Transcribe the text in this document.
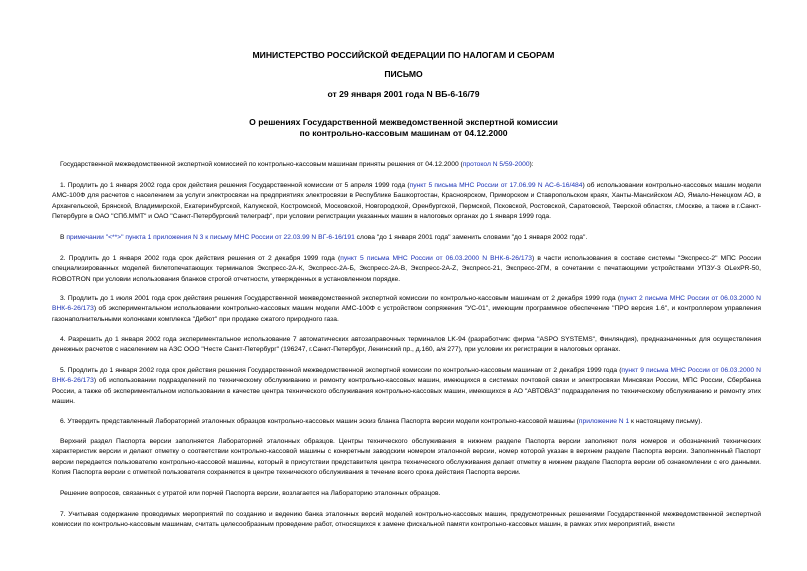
МИНИСТЕРСТВО РОССИЙСКОЙ ФЕДЕРАЦИИ ПО НАЛОГАМ И СБОРАМ
ПИСЬМО
от 29 января 2001 года N ВБ-6-16/79
О решениях Государственной межведомственной экспертной комиссии
по контрольно-кассовым машинам от 04.12.2000
Государственной межведомственной экспертной комиссией по контрольно-кассовым машинам приняты решения от 04.12.2000 (протокол N 5/59-2000):
1. Продлить до 1 января 2002 года срок действия решения Государственной комиссии от 5 апреля 1999 года (пункт 5 письма МНС России от 17.06.99 N АС-6-16/484) об использовании контрольно-кассовых машин модели АМС-100Ф для расчетов с населением за услуги электросвязи на предприятиях электросвязи в Республике Башкортостан, Красноярском, Приморском и Ставропольском краях, Ханты-Мансийском АО, Ямало-Ненецком АО, в Архангельской, Брянской, Владимирской, Екатеринбургской, Калужской, Костромской, Московской, Новгородской, Оренбургской, Пермской, Псковской, Ростовской, Саратовской, Тверской областях, г.Москве, а также в г.Санкт-Петербурге в ОАО "СПб.ММТ" и ОАО "Санкт-Петербургский телеграф", при условии регистрации указанных машин в налоговых органах до 1 января 1999 года.
В примечании "<**>" пункта 1 приложения N 3 к письму МНС России от 22.03.99 N ВГ-6-16/191 слова "до 1 января 2001 года" заменить словами "до 1 января 2002 года".
2. Продлить до 1 января 2002 года срок действия решения от 2 декабря 1999 года (пункт 5 письма МНС России от 06.03.2000 N ВНК-6-26/173) в части использования в составе системы "Экспресс-2" МПС России специализированных моделей билетопечатающих терминалов Экспресс-2А-К, Экспресс-2А-Б, Экспресс-2А-В, Экспресс-2А-Z, Экспресс-21, Экспресс-2ГМ, в сочетании с печатающими устройствами УПЗУ-3 OLexPR-50, ROBOTRON при условии использования бланков строгой отчетности, утвержденных в установленном порядке.
3. Продлить до 1 июля 2001 года срок действия решения Государственной межведомственной экспертной комиссии по контрольно-кассовым машинам от 2 декабря 1999 года (пункт 2 письма МНС России от 06.03.2000 N ВНК-6-26/173) об экспериментальном использовании контрольно-кассовых машин модели АМС-100Ф с устройством сопряжения "УС-01", имеющим программное обеспечение "ПРО версия 1.6", и контроллером управления газонаполнительными колонками комплекса "Дебют" при продаже сжатого природного газа.
4. Разрешить до 1 января 2002 года экспериментальное использование 7 автоматических автозаправочных терминалов LK-94 (разработчик: фирма "ASPO SYSTEMS", Финляндия), предназначенных для осуществления денежных расчетов с населением на АЗС ООО "Несте Санкт-Петербург" (196247, г.Санкт-Петербург, Ленинский пр., д.160, а/я 277), при условии их регистрации в налоговых органах.
5. Продлить до 1 января 2002 года срок действия решения Государственной межведомственной экспертной комиссии по контрольно-кассовым машинам от 2 декабря 1999 года (пункт 9 письма МНС России от 06.03.2000 N ВНК-6-26/173) об использовании подразделений по техническому обслуживанию и ремонту контрольно-кассовых машин, имеющихся в системах почтовой связи и электросвязи Минсвязи России, МПС России, Сбербанка России, а также об экспериментальном использовании в качестве центра технического обслуживания контрольно-кассовых машин, имеющихся в АО "АВТОВАЗ" подразделения по техническому обслуживанию и ремонту этих машин.
6. Утвердить представленный Лабораторией эталонных образцов контрольно-кассовых машин эскиз бланка Паспорта версии модели контрольно-кассовой машины (приложение N 1 к настоящему письму).
Верхний раздел Паспорта версии заполняется Лабораторией эталонных образцов. Центры технического обслуживания в нижнем разделе Паспорта версии заполняют поля номеров и обозначений технических характеристик версии и делают отметку о соответствии контрольно-кассовой машины с конкретным заводским номером эталонной версии, номер которой указан в верхнем разделе Паспорта версии. Заполненный Паспорт версии передается пользователю контрольно-кассовой машины, который в присутствии представителя центра технического обслуживания делает отметку в нижнем разделе Паспорта версии об ознакомлении с его данными. Копия Паспорта версии с отметкой пользователя сохраняется в центре технического обслуживания в течение всего срока действия Паспорта версии.
Решение вопросов, связанных с утратой или порчей Паспорта версии, возлагается на Лабораторию эталонных образцов.
7. Учитывая содержание проводимых мероприятий по созданию и ведению банка эталонных версий моделей контрольно-кассовых машин, предусмотренных решениями Государственной межведомственной экспертной комиссии по контрольно-кассовым машинам, считать целесообразным проведение работ, относящихся к замене фискальной памяти контрольно-кассовых машин, в рамках этих мероприятий, внести
